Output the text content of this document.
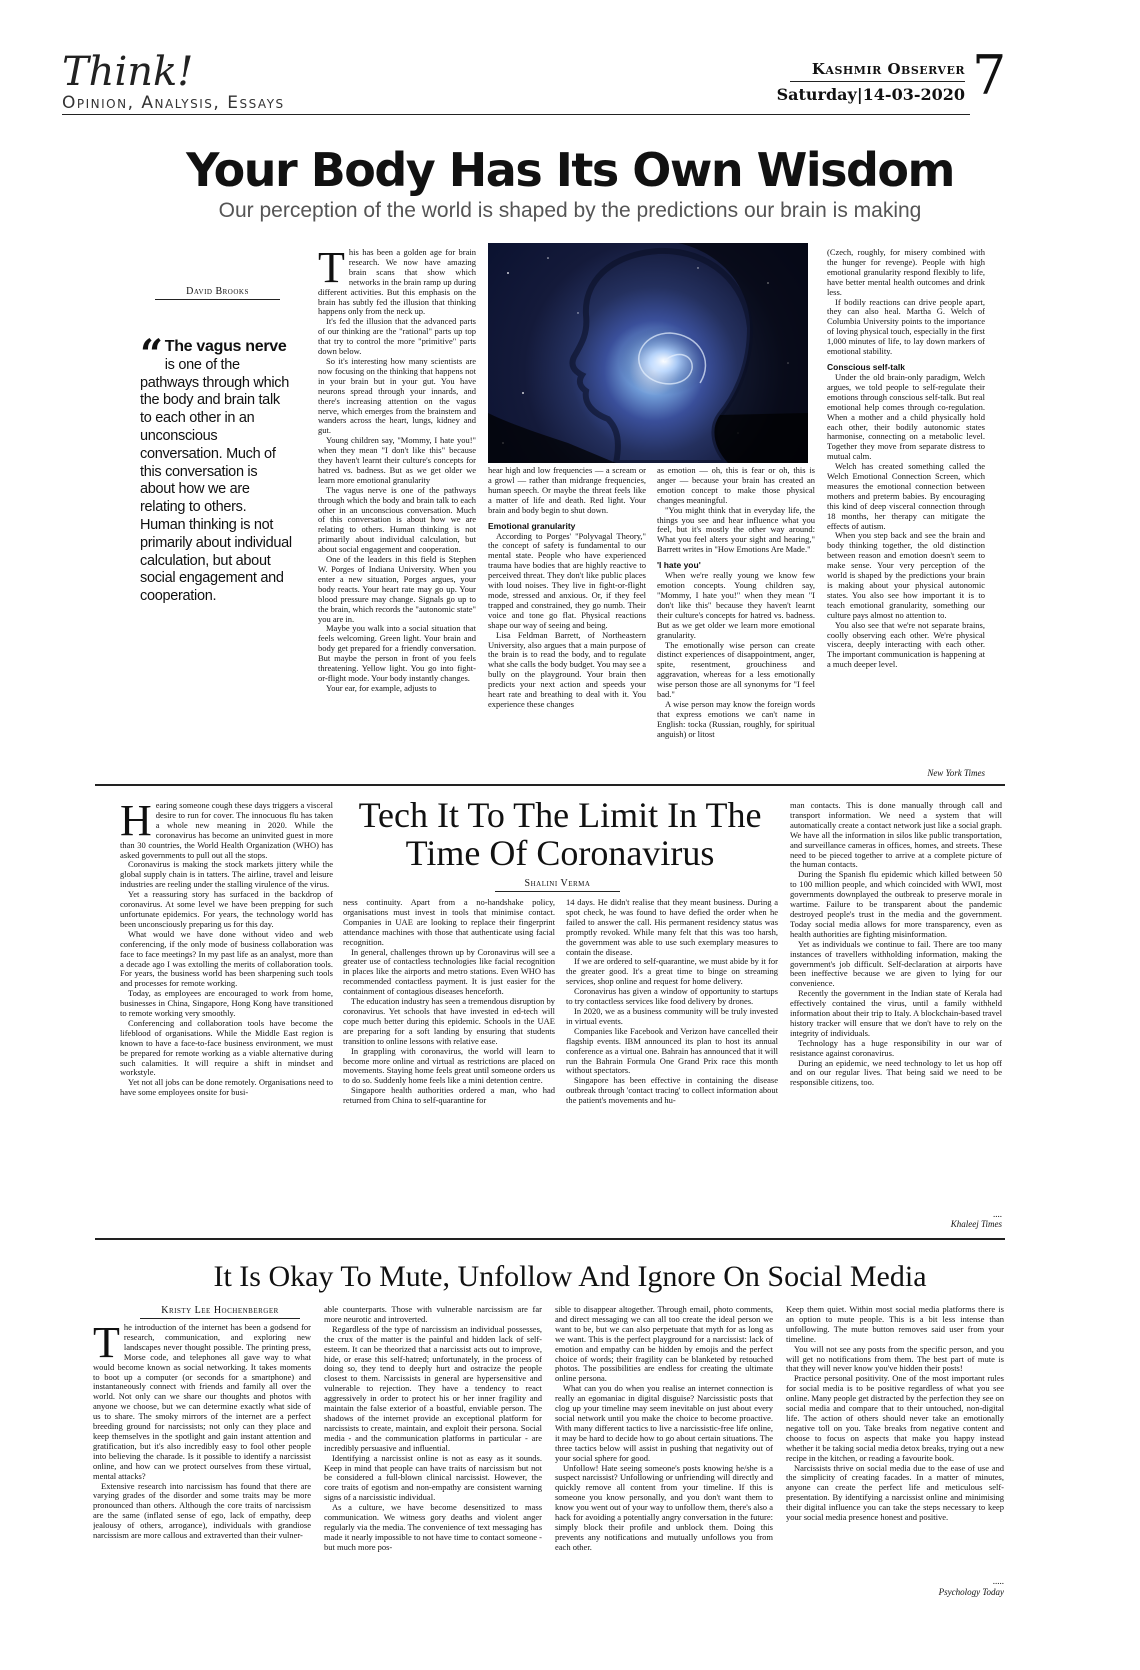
Think!
Opinion, Analysis, Essays
Kashmir Observer
Saturday|14-03-2020 7
Your Body Has Its Own Wisdom
Our perception of the world is shaped by the predictions our brain is making
David Brooks
“ The vagus nerve is one of the pathways through which the body and brain talk to each other in an unconscious conversation. Much of this conversation is about how we are relating to others. Human thinking is not primarily about individual calculation, but about social engagement and cooperation.
T his has been a golden age for brain research. We now have amazing brain scans that show which networks in the brain ramp up during different activities. But this emphasis on the brain has subtly fed the illusion that thinking happens only from the neck up.

It's fed the illusion that the advanced parts of our thinking are the "rational" parts up top that try to control the more "primitive" parts down below.

So it's interesting how many scientists are now focusing on the thinking that happens not in your brain but in your gut. You have neurons spread through your innards, and there's increasing attention on the vagus nerve, which emerges from the brainstem and wanders across the heart, lungs, kidney and gut.

Young children say, "Mommy, I hate you!" when they mean "I don't like this" because they haven't learnt their culture's concepts for hatred vs. badness. But as we get older we learn more emotional granularity

The vagus nerve is one of the pathways through which the body and brain talk to each other in an unconscious conversation. Much of this conversation is about how we are relating to others. Human thinking is not primarily about individual calculation, but about social engagement and cooperation.

One of the leaders in this field is Stephen W. Porges of Indiana University. When you enter a new situation, Porges argues, your body reacts. Your heart rate may go up. Your blood pressure may change. Signals go up to the brain, which records the "autonomic state" you are in.

Maybe you walk into a social situation that feels welcoming. Green light. Your brain and body get prepared for a friendly conversation. But maybe the person in front of you feels threatening. Yellow light. You go into fight-or-flight mode. Your body instantly changes.

Your ear, for example, adjusts to

hear high and low frequencies — a scream or a growl — rather than midrange frequencies, human speech. Or maybe the threat feels like a matter of life and death. Red light. Your brain and body begin to shut down.

Emotional granularity

According to Porges' "Polyvagal Theory," the concept of safety is fundamental to our mental state. People who have experienced trauma have bodies that are highly reactive to perceived threat. They don't like public places with loud noises. They live in fight-or-flight mode, stressed and anxious. Or, if they feel trapped and constrained, they go numb. Their voice and tone go flat. Physical reactions shape our way of seeing and being.

Lisa Feldman Barrett, of Northeastern University, also argues that a main purpose of the brain is to read the body, and to regulate what she calls the body budget. You may see a bully on the playground. Your brain then predicts your next action and speeds your heart rate and breathing to deal with it. You experience these changes

as emotion — oh, this is fear or oh, this is anger — because your brain has created an emotion concept to make those physical changes meaningful.

"You might think that in everyday life, the things you see and hear influence what you feel, but it's mostly the other way around: What you feel alters your sight and hearing," Barrett writes in "How Emotions Are Made."

'I hate you'

When we're really young we know few emotion concepts. Young children say, "Mommy, I hate you!" when they mean "I don't like this" because they haven't learnt their culture's concepts for hatred vs. badness. But as we get older we learn more emotional granularity.

The emotionally wise person can create distinct experiences of disappointment, anger, spite, resentment, grouchiness and aggravation, whereas for a less emotionally wise person those are all synonyms for "I feel bad."

A wise person may know the foreign words that express emotions we can't name in English: tocka (Russian, roughly, for spiritual anguish) or litost

(Czech, roughly, for misery combined with the hunger for revenge). People with high emotional granularity respond flexibly to life, have better mental health outcomes and drink less.

If bodily reactions can drive people apart, they can also heal. Martha G. Welch of Columbia University points to the importance of loving physical touch, especially in the first 1,000 minutes of life, to lay down markers of emotional stability.

Conscious self-talk

Under the old brain-only paradigm, Welch argues, we told people to self-regulate their emotions through conscious self-talk. But real emotional help comes through co-regulation. When a mother and a child physically hold each other, their bodily autonomic states harmonise, connecting on a metabolic level. Together they move from separate distress to mutual calm.

Welch has created something called the Welch Emotional Connection Screen, which measures the emotional connection between mothers and preterm babies. By encouraging this kind of deep visceral connection through 18 months, her therapy can mitigate the effects of autism.

When you step back and see the brain and body thinking together, the old distinction between reason and emotion doesn't seem to make sense. Your very perception of the world is shaped by the predictions your brain is making about your physical autonomic states. You also see how important it is to teach emotional granularity, something our culture pays almost no attention to.

You also see that we're not separate brains, coolly observing each other. We're physical viscera, deeply interacting with each other. The important communication is happening at a much deeper level.

New York Times
H earing someone cough these days triggers a visceral desire to run for cover. The innocuous flu has taken a whole new meaning in 2020. While the coronavirus has become an uninvited guest in more than 30 countries, the World Health Organization (WHO) has asked governments to pull out all the stops.

Coronavirus is making the stock markets jittery while the global supply chain is in tatters. The airline, travel and leisure industries are reeling under the stalling virulence of the virus.

Yet a reassuring story has surfaced in the backdrop of coronavirus. At some level we have been prepping for such unfortunate epidemics. For years, the technology world has been unconsciously preparing us for this day.

What would we have done without video and web conferencing, if the only mode of business collaboration was face to face meetings? In my past life as an analyst, more than a decade ago I was extolling the merits of collaboration tools. For years, the business world has been sharpening such tools and processes for remote working.

Today, as employees are encouraged to work from home, businesses in China, Singapore, Hong Kong have transitioned to remote working very smoothly.

Conferencing and collaboration tools have become the lifeblood of organisations. While the Middle East region is known to have a face-to-face business environment, we must be prepared for remote working as a viable alternative during such calamities. It will require a shift in mindset and workstyle.

Yet not all jobs can be done remotely. Organisations need to have some employees onsite for busi-

Tech It To The Limit In The
Time Of Coronavirus
Shalini Verma

ness continuity. Apart from a no-handshake policy, organisations must invest in tools that minimise contact. Companies in UAE are looking to replace their fingerprint attendance machines with those that authenticate using facial recognition.

In general, challenges thrown up by Coronavirus will see a greater use of contactless technologies like facial recognition in places like the airports and metro stations. Even WHO has recommended contactless payment. It is just easier for the containment of contagious diseases henceforth.

The education industry has seen a tremendous disruption by coronavirus. Yet schools that have invested in ed-tech will cope much better during this epidemic. Schools in the UAE are preparing for a soft landing by ensuring that students transition to online lessons with relative ease.

In grappling with coronavirus, the world will learn to become more online and virtual as restrictions are placed on movements. Staying home feels great until someone orders us to do so. Suddenly home feels like a mini detention centre.

Singapore health authorities ordered a man, who had returned from China to self-quarantine for

14 days. He didn't realise that they meant business. During a spot check, he was found to have defied the order when he failed to answer the call. His permanent residency status was promptly revoked. While many felt that this was too harsh, the government was able to use such exemplary measures to contain the disease.

If we are ordered to self-quarantine, we must abide by it for the greater good. It's a great time to binge on streaming services, shop online and request for home delivery.

Coronavirus has given a window of opportunity to startups to try contactless services like food delivery by drones.

In 2020, we as a business community will be truly invested in virtual events.

Companies like Facebook and Verizon have cancelled their flagship events. IBM announced its plan to host its annual conference as a virtual one. Bahrain has announced that it will run the Bahrain Formula One Grand Prix race this month without spectators.

Singapore has been effective in containing the disease outbreak through 'contact tracing' to collect information about the patient's movements and hu-

man contacts. This is done manually through call and transport information. We need a system that will automatically create a contact network just like a social graph. We have all the information in silos like public transportation, and surveillance cameras in offices, homes, and streets. These need to be pieced together to arrive at a complete picture of the human contacts.

During the Spanish flu epidemic which killed between 50 to 100 million people, and which coincided with WWI, most governments downplayed the outbreak to preserve morale in wartime. Failure to be transparent about the pandemic destroyed people's trust in the media and the government. Today social media allows for more transparency, even as health authorities are fighting misinformation.

Yet as individuals we continue to fail. There are too many instances of travellers withholding information, making the government's job difficult. Self-declaration at airports have been ineffective because we are given to lying for our convenience.

Recently the government in the Indian state of Kerala had effectively contained the virus, until a family withheld information about their trip to Italy. A blockchain-based travel history tracker will ensure that we don't have to rely on the integrity of individuals.

Technology has a huge responsibility in our war of resistance against coronavirus.

During an epidemic, we need technology to let us hop off and on our regular lives. That being said we need to be responsible citizens, too.

....
Khaleej Times
It Is Okay To Mute, Unfollow And Ignore On Social Media
Kristy Lee Hochenberger
T he introduction of the internet has been a godsend for research, communication, and exploring new landscapes never thought possible. The printing press, Morse code, and telephones all gave way to what would become known as social networking. It takes moments to boot up a computer (or seconds for a smartphone) and instantaneously connect with friends and family all over the world. Not only can we share our thoughts and photos with anyone we choose, but we can determine exactly what side of us to share. The smoky mirrors of the internet are a perfect breeding ground for narcissists; not only can they place and keep themselves in the spotlight and gain instant attention and gratification, but it's also incredibly easy to fool other people into believing the charade. Is it possible to identify a narcissist online, and how can we protect ourselves from these virtual, mental attacks?

Extensive research into narcissism has found that there are varying grades of the disorder and some traits may be more pronounced than others. Although the core traits of narcissism are the same (inflated sense of ego, lack of empathy, deep jealousy of others, arrogance), individuals with grandiose narcissism are more callous and extraverted than their vulner-

able counterparts. Those with vulnerable narcissism are far more neurotic and introverted.

Regardless of the type of narcissism an individual possesses, the crux of the matter is the painful and hidden lack of self-esteem. It can be theorized that a narcissist acts out to improve, hide, or erase this self-hatred; unfortunately, in the process of doing so, they tend to deeply hurt and ostracize the people closest to them. Narcissists in general are hypersensitive and vulnerable to rejection. They have a tendency to react aggressively in order to protect his or her inner fragility and maintain the false exterior of a boastful, enviable person. The shadows of the internet provide an exceptional platform for narcissists to create, maintain, and exploit their persona. Social media - and the communication platforms in particular - are incredibly persuasive and influential.

Identifying a narcissist online is not as easy as it sounds. Keep in mind that people can have traits of narcissism but not be considered a full-blown clinical narcissist. However, the core traits of egotism and non-empathy are consistent warning signs of a narcissistic individual.

As a culture, we have become desensitized to mass communication. We witness gory deaths and violent anger regularly via the media. The convenience of text messaging has made it nearly impossible to not have time to contact someone - but much more pos-

sible to disappear altogether. Through email, photo comments, and direct messaging we can all too create the ideal person we want to be, but we can also perpetuate that myth for as long as we want. This is the perfect playground for a narcissist: lack of emotion and empathy can be hidden by emojis and the perfect choice of words; their fragility can be blanketed by retouched photos. The possibilities are endless for creating the ultimate online persona.

What can you do when you realise an internet connection is really an egomaniac in digital disguise? Narcissistic posts that clog up your timeline may seem inevitable on just about every social network until you make the choice to become proactive. With many different tactics to live a narcissistic-free life online, it may be hard to decide how to go about certain situations. The three tactics below will assist in pushing that negativity out of your social sphere for good.

Unfollow! Hate seeing someone's posts knowing he/she is a suspect narcissist? Unfollowing or unfriending will directly and quickly remove all content from your timeline. If this is someone you know personally, and you don't want them to know you went out of your way to unfollow them, there's also a hack for avoiding a potentially angry conversation in the future: simply block their profile and unblock them. Doing this prevents any notifications and mutually unfollows you from each other.

Keep them quiet. Within most social media platforms there is an option to mute people. This is a bit less intense than unfollowing. The mute button removes said user from your timeline.

You will not see any posts from the specific person, and you will get no notifications from them. The best part of mute is that they will never know you've hidden their posts!

Practice personal positivity. One of the most important rules for social media is to be positive regardless of what you see online. Many people get distracted by the perfection they see on social media and compare that to their untouched, non-digital life. The action of others should never take an emotionally negative toll on you. Take breaks from negative content and choose to focus on aspects that make you happy instead whether it be taking social media detox breaks, trying out a new recipe in the kitchen, or reading a favourite book.

Narcissists thrive on social media due to the ease of use and the simplicity of creating facades. In a matter of minutes, anyone can create the perfect life and meticulous self-presentation. By identifying a narcissist online and minimising their digital influence you can take the steps necessary to keep your social media presence honest and positive.

.....
Psychology Today
